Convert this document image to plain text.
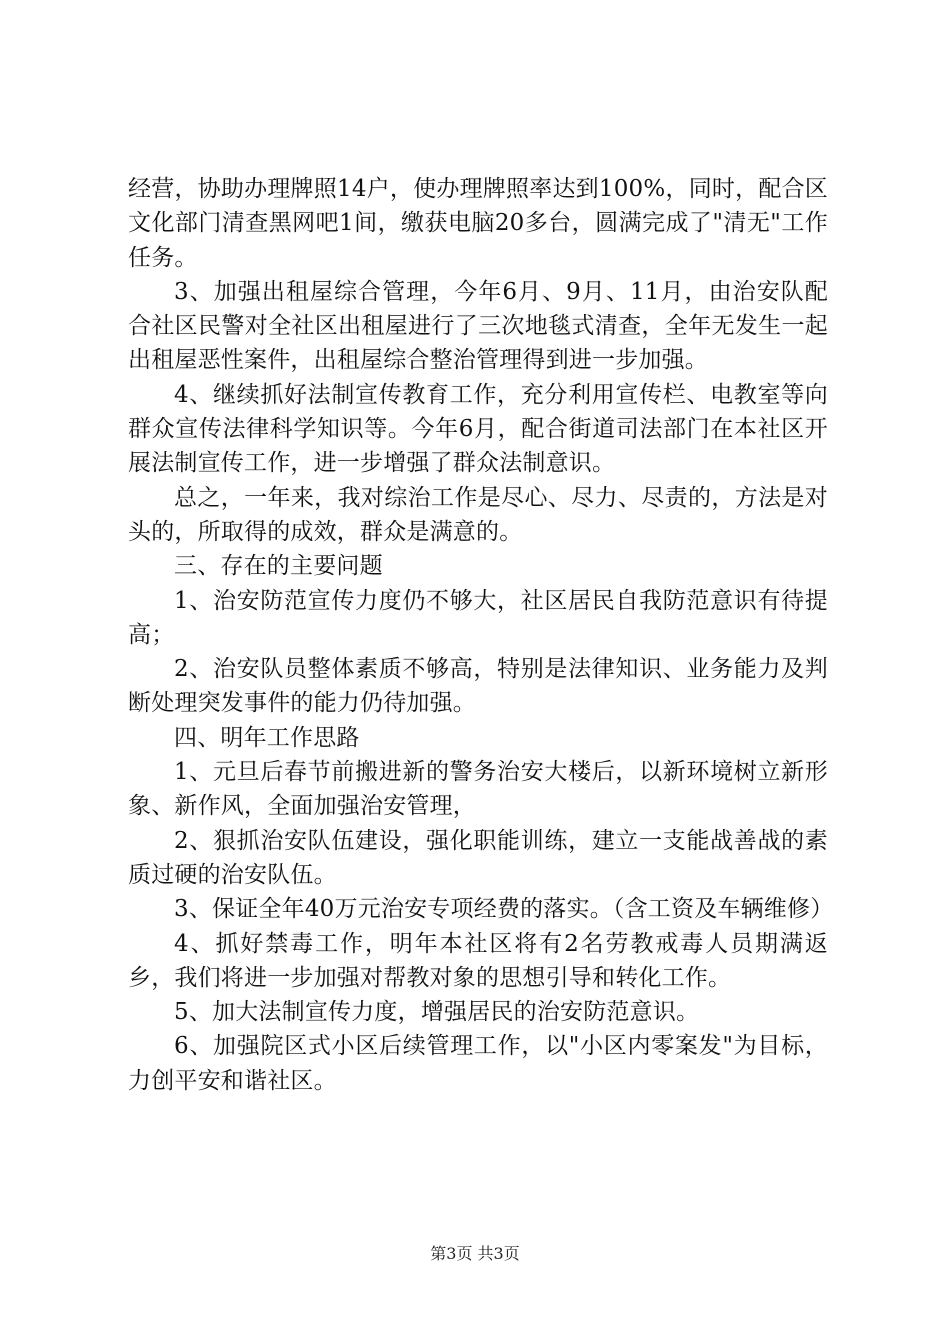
经营，协助办理牌照14户，使办理牌照率达到100%，同时，配合区文化部门清查黑网吧1间，缴获电脑20多台，圆满完成了"清无"工作任务。

3、加强出租屋综合管理，今年6月、9月、11月，由治安队配合社区民警对全社区出租屋进行了三次地毯式清查，全年无发生一起出租屋恶性案件，出租屋综合整治管理得到进一步加强。

4、继续抓好法制宣传教育工作，充分利用宣传栏、电教室等向群众宣传法律科学知识等。今年6月，配合街道司法部门在本社区开展法制宣传工作，进一步增强了群众法制意识。

总之，一年来，我对综治工作是尽心、尽力、尽责的，方法是对头的，所取得的成效，群众是满意的。

三、存在的主要问题

1、治安防范宣传力度仍不够大，社区居民自我防范意识有待提高；

2、治安队员整体素质不够高，特别是法律知识、业务能力及判断处理突发事件的能力仍待加强。

四、明年工作思路

1、元旦后春节前搬进新的警务治安大楼后，以新环境树立新形象、新作风，全面加强治安管理，

2、狠抓治安队伍建设，强化职能训练，建立一支能战善战的素质过硬的治安队伍。

3、保证全年40万元治安专项经费的落实。（含工资及车辆维修）

4、抓好禁毒工作，明年本社区将有2名劳教戒毒人员期满返乡，我们将进一步加强对帮教对象的思想引导和转化工作。

5、加大法制宣传力度，增强居民的治安防范意识。

6、加强院区式小区后续管理工作，以"小区内零案发"为目标，力创平安和谐社区。

第3页 共3页
